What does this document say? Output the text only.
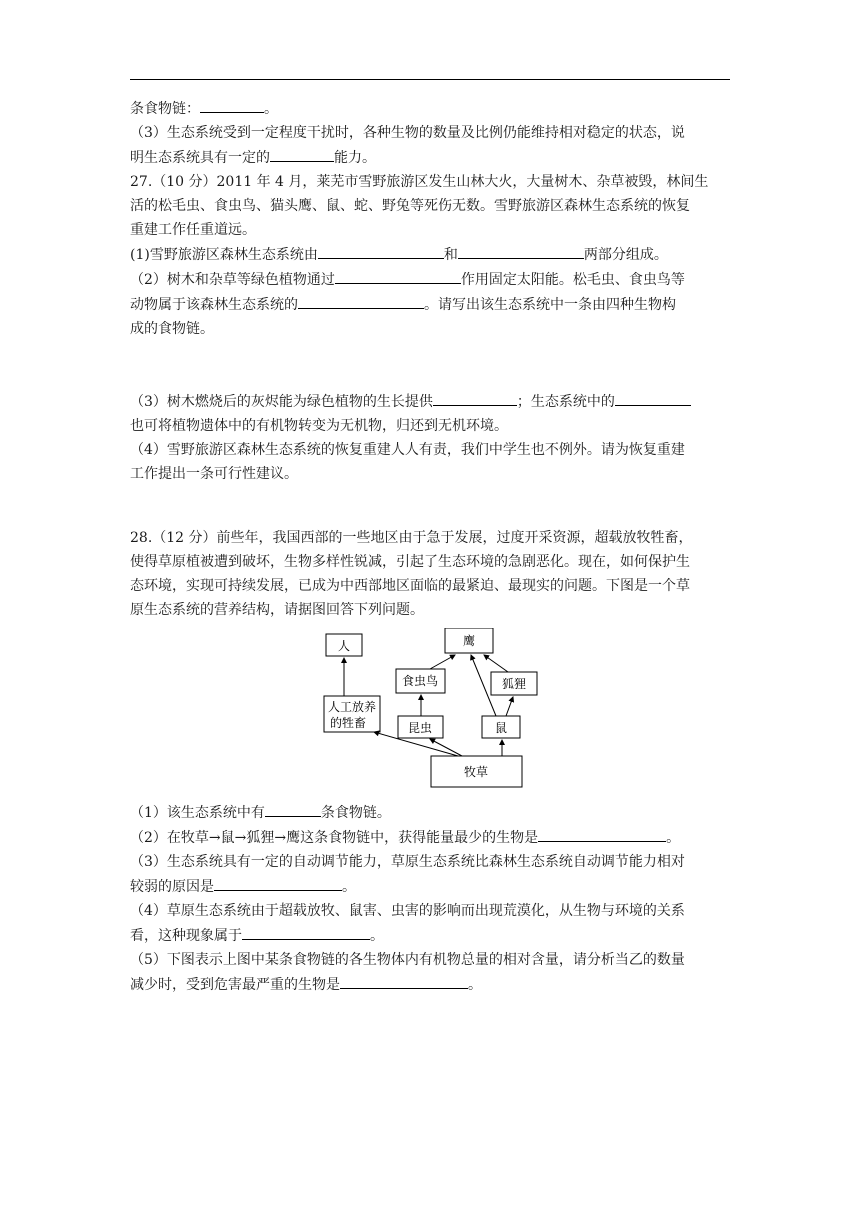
条食物链：	。

（3）生态系统受到一定程度干扰时，各种生物的数量及比例仍能维持相对稳定的状态，说

明生态系统具有一定的	能力。

27.（10 分）2011 年 4 月，莱芜市雪野旅游区发生山林大火，大量树木、杂草被毁，林间生

活的松毛虫、食虫鸟、猫头鹰、鼠、蛇、野兔等死伤无数。雪野旅游区森林生态系统的恢复

重建工作任重道远。

(1)雪野旅游区森林生态系统由	和	两部分组成。

（2）树木和杂草等绿色植物通过	作用固定太阳能。松毛虫、食虫鸟等

动物属于该森林生态系统的	。请写出该生态系统中一条由四种生物构

成的食物链。

（3）树木燃烧后的灰烬能为绿色植物的生长提供	；生态系统中的

也可将植物遗体中的有机物转变为无机物，归还到无机环境。

（4）雪野旅游区森林生态系统的恢复重建人人有责，我们中学生也不例外。请为恢复重建

工作提出一条可行性建议。

28.（12 分）前些年，我国西部的一些地区由于急于发展，过度开采资源，超载放牧牲畜，

使得草原植被遭到破坏，生物多样性锐减，引起了生态环境的急剧恶化。现在，如何保护生

态环境，实现可持续发展，已成为中西部地区面临的最紧迫、最现实的问题。下图是一个草

原生态系统的营养结构，请据图回答下列问题。

人	鹰
食虫鸟	狐狸
人工放养
的牲畜	昆虫	鼠
牧草

（1）该生态系统中有	条食物链。

（2）在牧草→鼠→狐狸→鹰这条食物链中，获得能量最少的生物是	。

（3）生态系统具有一定的自动调节能力，草原生态系统比森林生态系统自动调节能力相对

较弱的原因是	。

（4）草原生态系统由于超载放牧、鼠害、虫害的影响而出现荒漠化，从生物与环境的关系

看，这种现象属于	。

（5）下图表示上图中某条食物链的各生物体内有机物总量的相对含量，请分析当乙的数量

减少时，受到危害最严重的生物是	。
